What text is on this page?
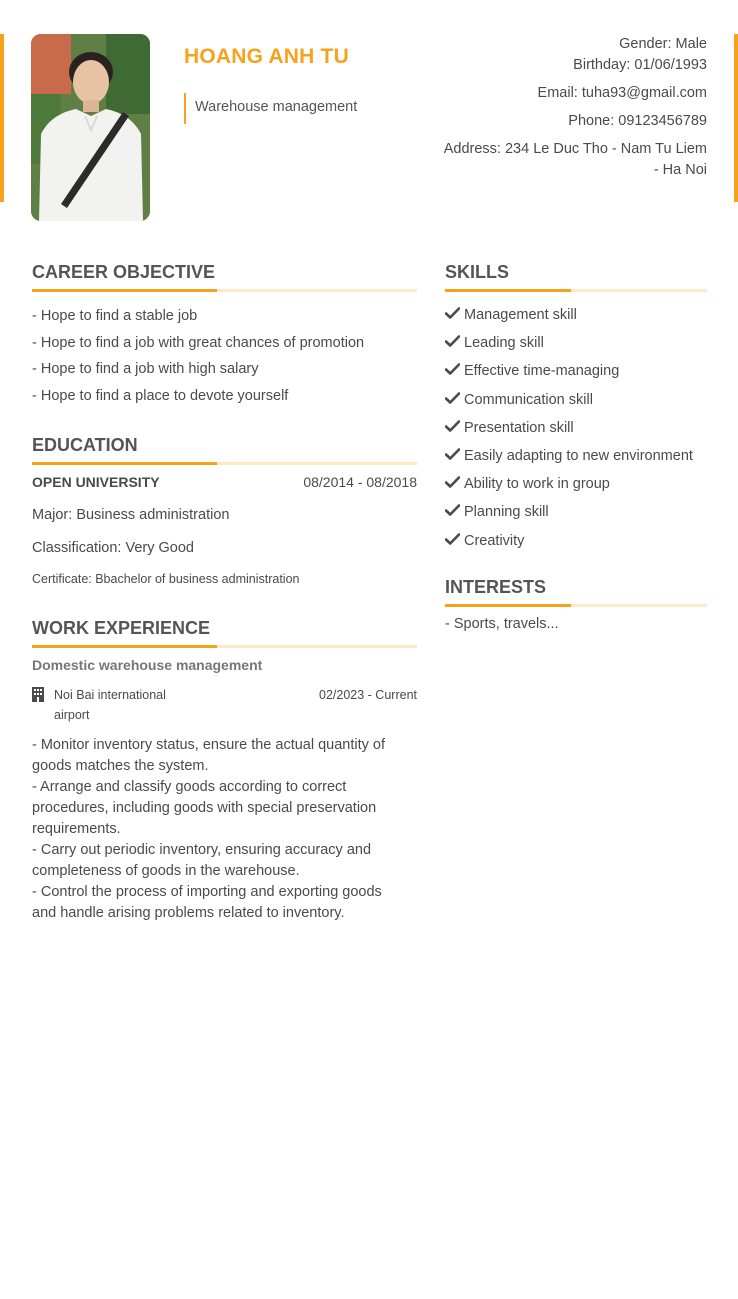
HOANG ANH TU
Warehouse management
Gender: Male
Birthday: 01/06/1993
Email: tuha93@gmail.com
Phone: 09123456789
Address: 234 Le Duc Tho - Nam Tu Liem
- Ha Noi
CAREER OBJECTIVE
- Hope to find a stable job
- Hope to find a job with great chances of promotion
- Hope to find a job with high salary
- Hope to find a place to devote yourself
EDUCATION
OPEN UNIVERSITY	08/2014 - 08/2018
Major: Business administration
Classification: Very Good
Certificate: Bbachelor of business administration
WORK EXPERIENCE
Domestic warehouse management
Noi Bai international
airport
02/2023 - Current
- Monitor inventory status, ensure the actual quantity of
goods matches the system.
- Arrange and classify goods according to correct
procedures, including goods with special preservation
requirements.
- Carry out periodic inventory, ensuring accuracy and
completeness of goods in the warehouse.
- Control the process of importing and exporting goods
and handle arising problems related to inventory.
SKILLS
Management skill
Leading skill
Effective time-managing
Communication skill
Presentation skill
Easily adapting to new environment
Ability to work in group
Planning skill
Creativity
INTERESTS
- Sports, travels...
